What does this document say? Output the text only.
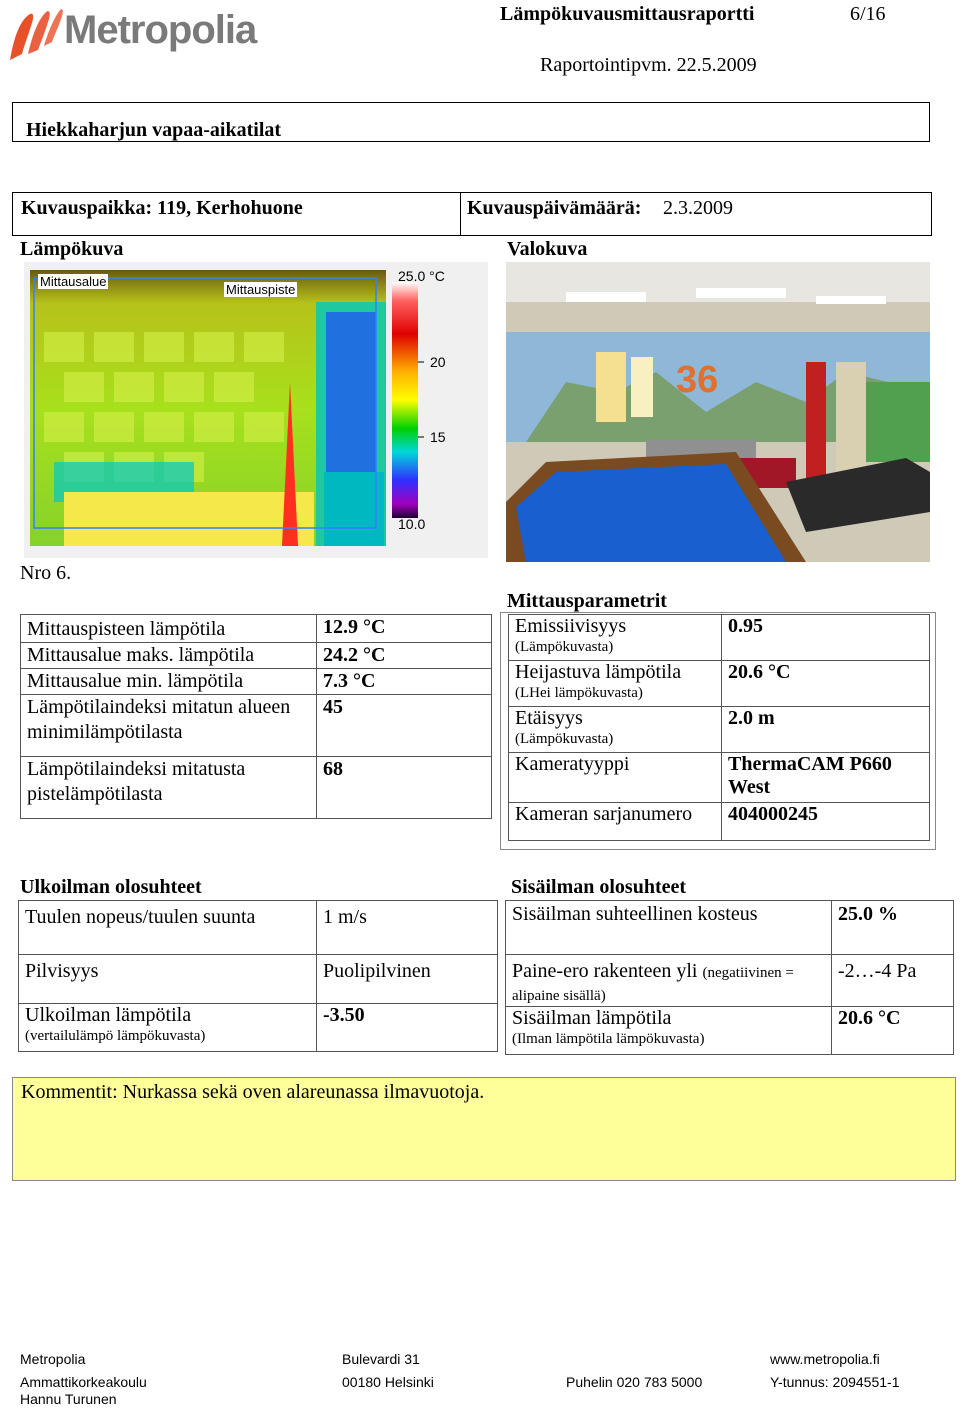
Metropolia	Lämpökuvausmittausraportti	6/16
Raportointipvm. 22.5.2009
Hiekkaharjun vapaa-aikatilat
Kuvauspaikka: 119, Kerhohuone	Kuvauspäivämäärä: 2.3.2009
Lämpökuva	Valokuva
Mittausalue
Mittauspiste
25.0 °C
20
15
10.0
36
Nro 6.
Mittauspisteen lämpötila	12.9 °C
Mittausalue maks. lämpötila	24.2 °C
Mittausalue min. lämpötila	7.3 °C
Lämpötilaindeksi mitatun alueen minimilämpötilasta	45
Lämpötilaindeksi mitatusta pistelämpötilasta	68
Mittausparametrit
Emissiivisyys
(Lämpökuvasta)	0.95

Heijastuva lämpötila
(LHei lämpökuvasta)	20.6 °C

Etäisyys
(Lämpökuvasta)	2.0 m

Kameratyyppi	ThermaCAM P660 West

Kameran sarjanumero	404000245
Ulkoilman olosuhteet
Tuulen nopeus/tuulen suunta	1 m/s
Pilvisyys	Puolipilvinen

Ulkoilman lämpötila
(vertailulämpö lämpökuvasta)	-3.50
Sisäilman olosuhteet
Sisäilman suhteellinen kosteus	25.0 %
Paine-ero rakenteen yli (negatiivinen = alipaine sisällä)	-2…-4 Pa

Sisäilman lämpötila
(Ilman lämpötila lämpökuvasta)	20.6 °C
Kommentit: Nurkassa sekä oven alareunassa ilmavuotoja.
Metropolia	Bulevardi 31	www.metropolia.fi
Ammattikorkeakoulu	00180 Helsinki	Puhelin 020 783 5000	Y-tunnus: 2094551-1
Hannu Turunen
